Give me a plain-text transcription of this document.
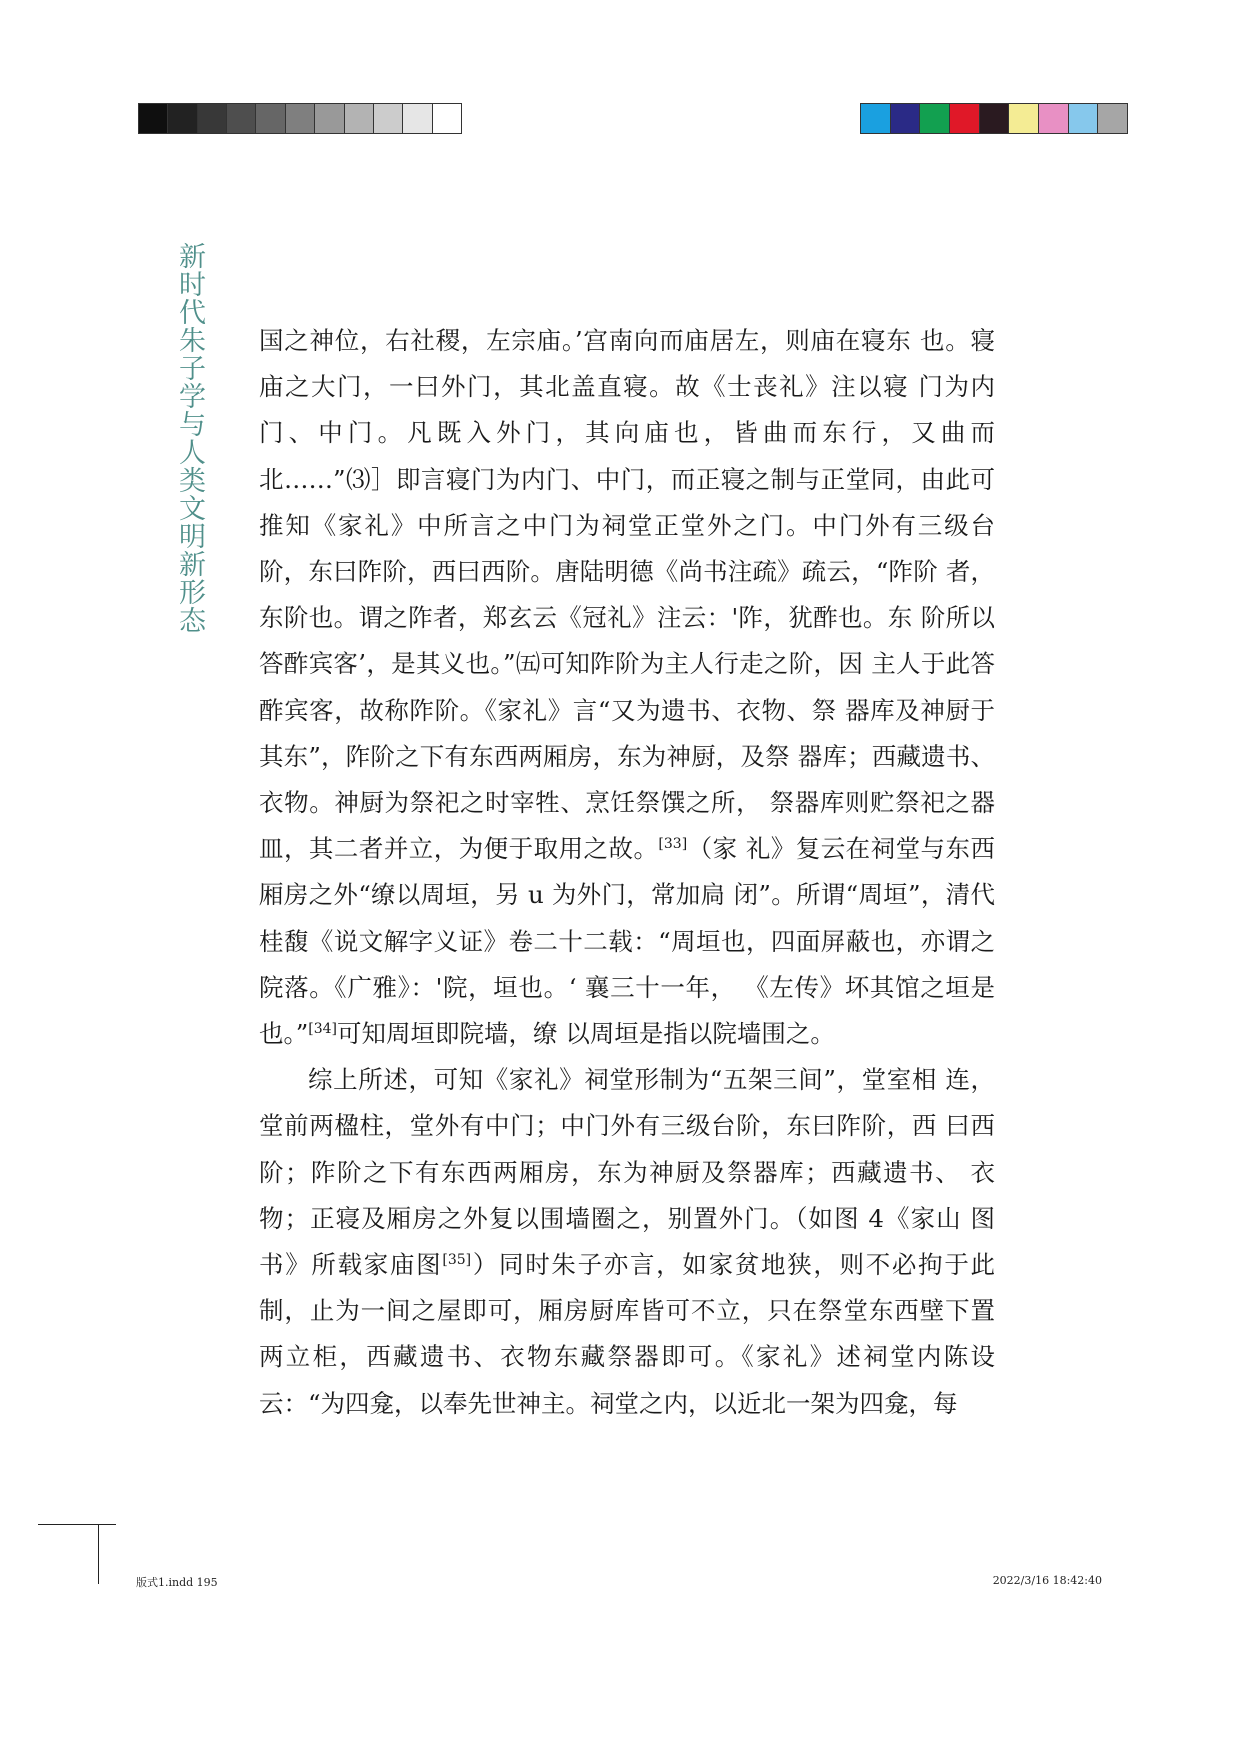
新时代朱子学与人类文明新形态 国之神位，右社稷，左宗庙。’宫南向而庙居左，则庙在寝东 也。寝庙之大门，一曰外门，其北盖直寝。故《士丧礼》注以寝 门为内门、中门。凡既入外门，其向庙也，皆曲而东行，又曲而 北……”⑶］即言寝门为内门、中门，而正寝之制与正堂同，由此可 推知《家礼》中所言之中门为祠堂正堂外之门。中门外有三级台 阶，东曰阼阶，西曰西阶。唐陆明德《尚书注疏》疏云，“阼阶 者，东阶也。谓之阼者，郑玄云《冠礼》注云：'阼，犹酢也。东 阶所以答酢宾客’，是其义也。”㈤可知阼阶为主人行走之阶，因 主人于此答酢宾客，故称阼阶。《家礼》言“又为遗书、衣物、祭 器库及神厨于其东”，阼阶之下有东西两厢房，东为神厨，及祭 器库；西藏遗书、衣物。神厨为祭祀之时宰牲、烹饪祭馔之所， 祭器库则贮祭祀之器皿，其二者并立，为便于取用之故。[33]（家 礼》复云在祠堂与东西厢房之外“缭以周垣，另 u 为外门，常加扃 闭”。所谓“周垣”，清代桂馥《说文解字义证》卷二十二载：“周垣也，四面屏蔽也，亦谓之院落。《广雅》：'院，垣也。‘ 襄三十一年， 《左传》坏其馆之垣是也。”[34]可知周垣即院墙，缭 以周垣是指以院墙围之。

综上所述，可知《家礼》祠堂形制为“五架三间”，堂室相 连，堂前两楹柱，堂外有中门；中门外有三级台阶，东曰阼阶，西 曰西阶；阼阶之下有东西两厢房，东为神厨及祭器库；西藏遗书、 衣物；正寝及厢房之外复以围墙圈之，别置外门。（如图 4《家山 图书》所载家庙图[35]）同时朱子亦言，如家贫地狭，则不必拘于此 制，止为一间之屋即可，厢房厨库皆可不立，只在祭堂东西壁下置 两立柜，西藏遗书、衣物东藏祭器即可。《家礼》述祠堂内陈设 云：“为四龛，以奉先世神主。祠堂之内，以近北一架为四龛，每

版式1.indd 195	2022/3/16 18:42:40
